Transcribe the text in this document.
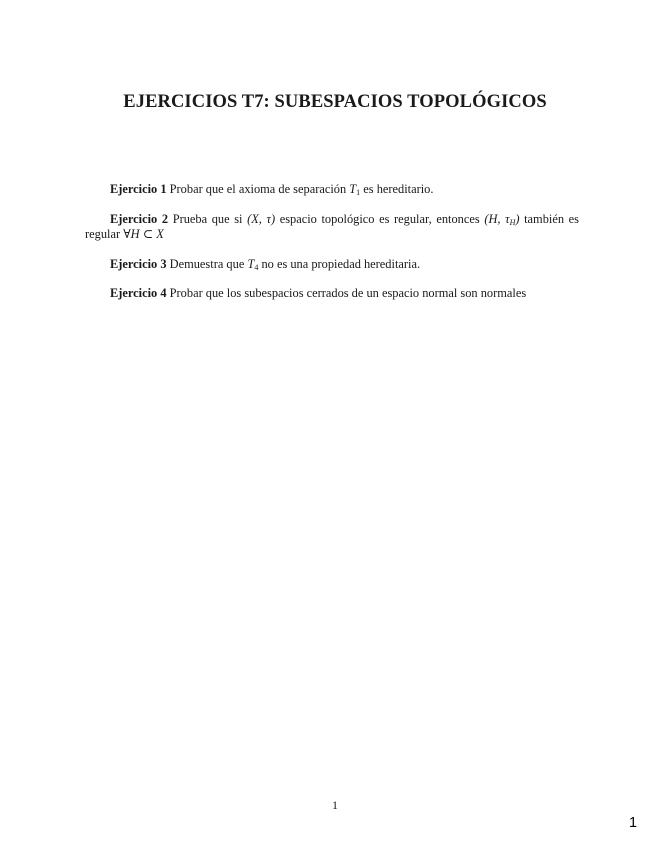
EJERCICIOS T7: SUBESPACIOS TOPOLÓGICOS

Ejercicio 1 Probar que el axioma de separación $T_1$ es hereditario.

Ejercicio 2 Prueba que si (X, τ) espacio topológico es regular, entonces (H, $\tau_H$) también es regular ∀H ⊂ X

Ejercicio 3 Demuestra que $T_4$ no es una propiedad hereditaria.

Ejercicio 4 Probar que los subespacios cerrados de un espacio normal son normales

1
1
